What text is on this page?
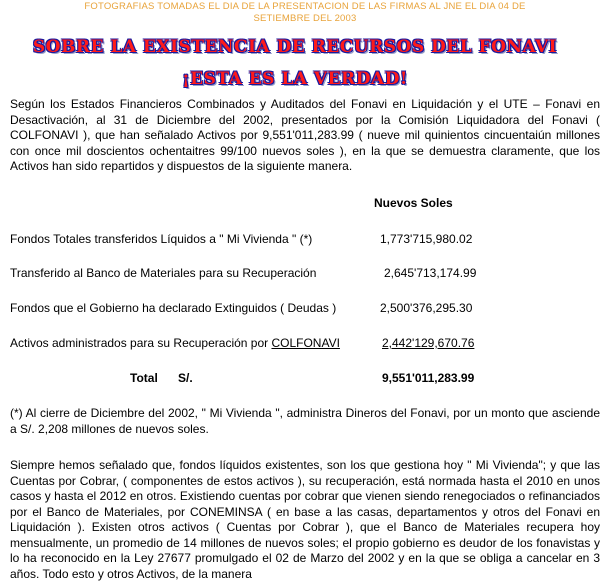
FOTOGRAFIAS TOMADAS EL DIA DE LA PRESENTACION DE LAS FIRMAS AL JNE EL DIA 04 DE
SETIEMBRE DEL 2003
SOBRE LA EXISTENCIA DE RECURSOS DEL FONAVI
¡ESTA ES LA VERDAD!
Según los Estados Financieros Combinados y Auditados del Fonavi en Liquidación y el UTE – Fonavi en Desactivación, al 31 de Diciembre del 2002, presentados por la Comisión Liquidadora del Fonavi ( COLFONAVI ), que han señalado Activos por 9,551'011,283.99 ( nueve mil quinientos cincuentaiún millones con once mil doscientos ochentaitres 99/100 nuevos soles ), en la que se demuestra claramente, que los Activos han sido repartidos y dispuestos de la siguiente manera.
Nuevos Soles
Fondos Totales transferidos Líquidos a " Mi Vivienda " (*)	1,773'715,980.02
Transferido al Banco de Materiales para su Recuperación	2,645'713,174.99
Fondos que el Gobierno ha declarado Extinguidos ( Deudas )	2,500'376,295.30
Activos administrados para su Recuperación por COLFONAVI	2,442'129,670.76
Total S/.	9,551'011,283.99
(*) Al cierre de Diciembre del 2002, " Mi Vivienda ", administra Dineros del Fonavi, por un monto que asciende a S/. 2,208 millones de nuevos soles.
Siempre hemos señalado que, fondos líquidos existentes, son los que gestiona hoy " Mi Vivienda"; y que las Cuentas por Cobrar, ( componentes de estos activos ), su recuperación, está normada hasta el 2010 en unos casos y hasta el 2012 en otros. Existiendo cuentas por cobrar que vienen siendo renegociados o refinanciados por el Banco de Materiales, por CONEMINSA ( en base a las casas, departamentos y otros del Fonavi en Liquidación ). Existen otros activos ( Cuentas por Cobrar ), que el Banco de Materiales recupera hoy mensualmente, un promedio de 14 millones de nuevos soles; el propio gobierno es deudor de los fonavistas y lo ha reconocido en la Ley 27677 promulgado el 02 de Marzo del 2002 y en la que se obliga a cancelar en 3 años. Todo esto y otros Activos, de la manera
